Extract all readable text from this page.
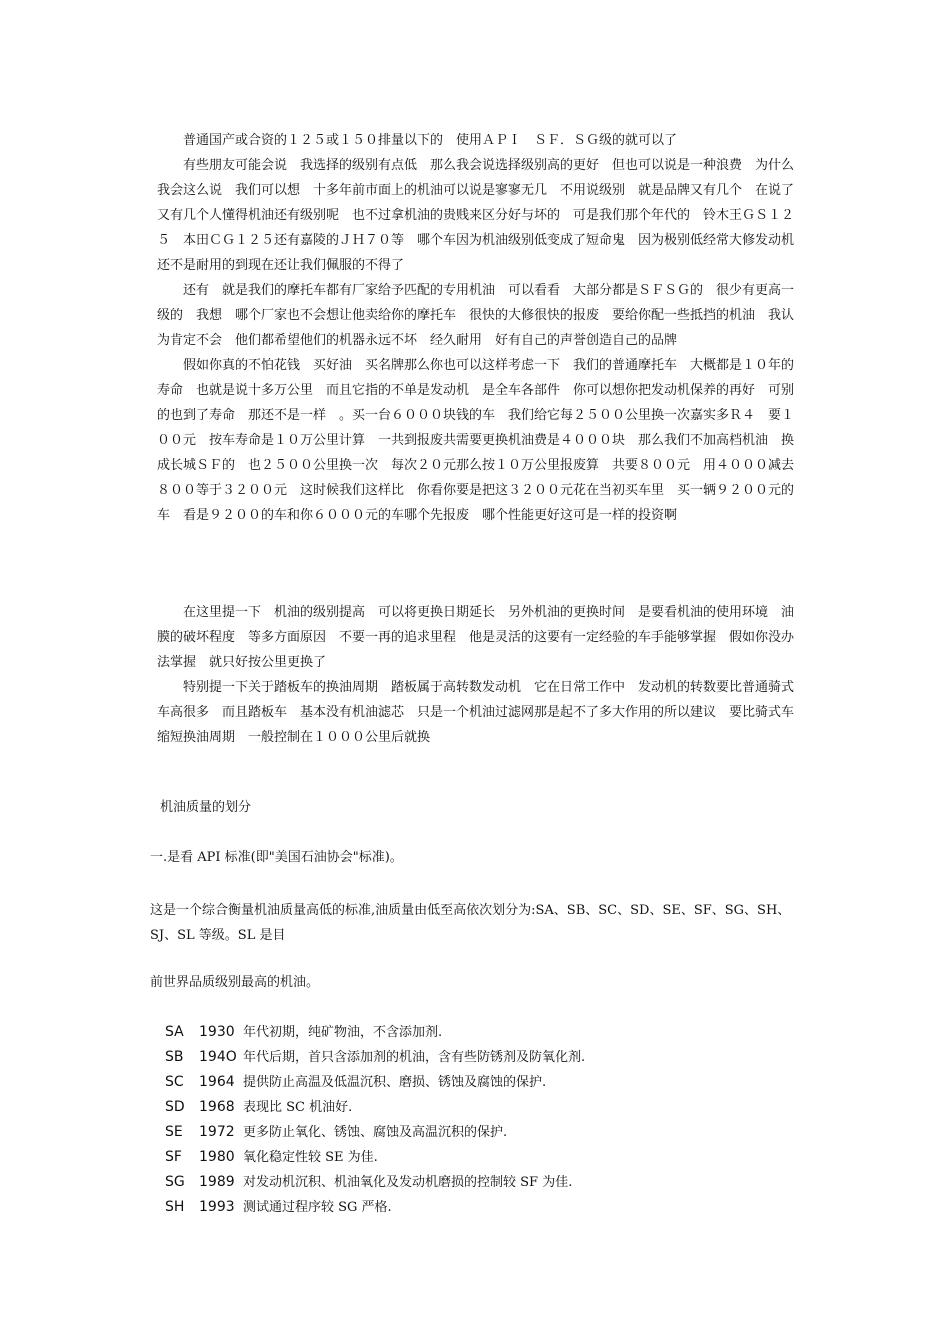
普通国产或合资的１２５或１５０排量以下的　使用ＡＰＩ　ＳＦ．ＳＧ级的就可以了

有些朋友可能会说　我选择的级别有点低　那么我会说选择级别高的更好　但也可以说是一种浪费　为什么我会这么说　我们可以想　十多年前市面上的机油可以说是寥寥无几　不用说级别　就是品牌又有几个　在说了　又有几个人懂得机油还有级别呢　也不过拿机油的贵贱来区分好与坏的　可是我们那个年代的　铃木王ＧＳ１２５　本田ＣＧ１２５还有嘉陵的ＪＨ７０等　哪个车因为机油级别低变成了短命鬼　因为极别低经常大修发动机　还不是耐用的到现在还让我们佩服的不得了

还有　就是我们的摩托车都有厂家给予匹配的专用机油　可以看看　大部分都是ＳＦＳＧ的　很少有更高一级的　我想　哪个厂家也不会想让他卖给你的摩托车　很快的大修很快的报废　要给你配一些抵挡的机油　我认为肯定不会　他们都希望他们的机器永远不坏　经久耐用　好有自己的声誉创造自己的品牌

假如你真的不怕花钱　买好油　买名牌那么你也可以这样考虑一下　我们的普通摩托车　大概都是１０年的寿命　也就是说十多万公里　而且它指的不单是发动机　是全车各部件　你可以想你把发动机保养的再好　可别的也到了寿命　那还不是一样　。买一台６０００块钱的车　我们给它每２５００公里换一次嘉实多Ｒ４　要１００元　按车寿命是１０万公里计算　一共到报废共需要更换机油费是４０００块　那么我们不加高档机油　换成长城ＳＦ的　也２５００公里换一次　每次２０元那么按１０万公里报废算　共要８００元　用４０００减去８００等于３２００元　这时候我们这样比　你看你要是把这３２００元花在当初买车里　买一辆９２００元的车　看是９２００的车和你６０００元的车哪个先报废　哪个性能更好这可是一样的投资啊

在这里提一下　机油的级别提高　可以将更换日期延长　另外机油的更换时间　是要看机油的使用环境　油膜的破坏程度　等多方面原因　不要一再的追求里程　他是灵活的这要有一定经验的车手能够掌握　假如你没办法掌握　就只好按公里更换了

特别提一下关于踏板车的换油周期　踏板属于高转数发动机　它在日常工作中　发动机的转数要比普通骑式车高很多　而且踏板车　基本没有机油滤芯　只是一个机油过滤网那是起不了多大作用的所以建议　要比骑式车缩短换油周期　一般控制在１０００公里后就换

机油质量的划分
一.是看 API 标准(即"美国石油协会"标准)。
这是一个综合衡量机油质量高低的标准,油质量由低至高依次划分为:SA、SB、SC、SD、SE、SF、SG、SH、SJ、SL 等级。SL 是目
前世界品质级别最高的机油。
SA	1930 年代初期，纯矿物油，不含添加剂.
SB	194O 年代后期，首只含添加剂的机油，含有些防锈剂及防氧化剂.
SC	1964 提供防止高温及低温沉积、磨损、锈蚀及腐蚀的保护.
SD	1968 表现比 SC 机油好.
SE	1972 更多防止氧化、锈蚀、腐蚀及高温沉积的保护.
SF	1980 氧化稳定性较 SE 为佳.
SG	1989 对发动机沉积、机油氧化及发动机磨损的控制较 SF 为佳.
SH	1993 测试通过程序较 SG 严格.
